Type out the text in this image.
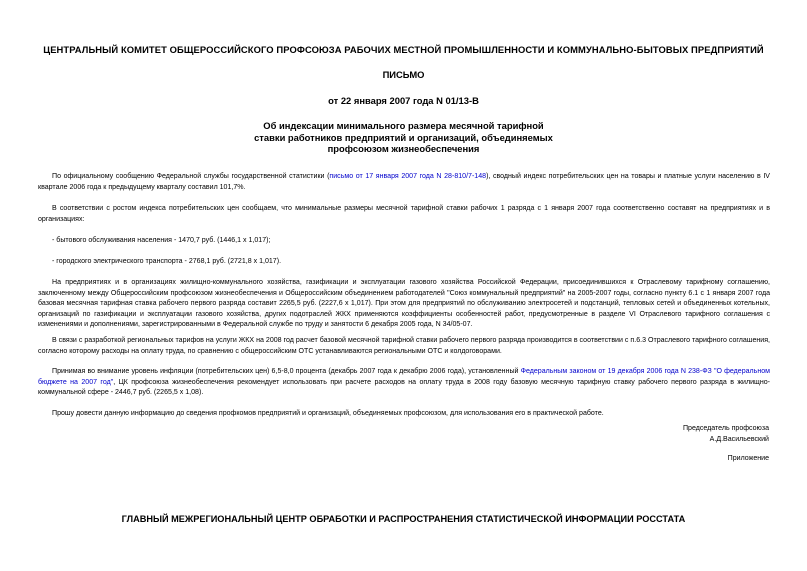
ЦЕНТРАЛЬНЫЙ КОМИТЕТ ОБЩЕРОССИЙСКОГО ПРОФСОЮЗА РАБОЧИХ МЕСТНОЙ ПРОМЫШЛЕННОСТИ И КОММУНАЛЬНО-БЫТОВЫХ ПРЕДПРИЯТИЙ
ПИСЬМО
от 22 января 2007 года N 01/13-В
Об индексации минимального размера месячной тарифной
ставки работников предприятий и организаций, объединяемых
профсоюзом жизнеобеспечения

По официальному сообщению Федеральной службы государственной статистики (письмо от 17 января 2007 года N 28-810/7-148), сводный индекс потребительских цен на товары и платные услуги населению в IV квартале 2006 года к предыдущему кварталу составил 101,7%.

В соответствии с ростом индекса потребительских цен сообщаем, что минимальные размеры месячной тарифной ставки рабочих 1 разряда с 1 января 2007 года соответственно составят на предприятиях и в организациях:

- бытового обслуживания населения - 1470,7 руб. (1446,1 х 1,017);

- городского электрического транспорта - 2768,1 руб. (2721,8 х 1,017).

На предприятиях и в организациях жилищно-коммунального хозяйства, газификации и эксплуатации газового хозяйства Российской Федерации, присоединившихся к Отраслевому тарифному соглашению, заключенному между Общероссийским профсоюзом жизнеобеспечения и Общероссийским объединением работодателей "Союз коммунальный предприятий" на 2005-2007 годы, согласно пункту 6.1 с 1 января 2007 года базовая месячная тарифная ставка рабочего первого разряда составит 2265,5 руб. (2227,6 х 1,017). При этом для предприятий по обслуживанию электросетей и подстанций, тепловых сетей и объединенных котельных, организаций по газификации и эксплуатации газового хозяйства, других подотраслей ЖКХ применяются коэффициенты особенностей работ, предусмотренные в разделе VI Отраслевого тарифного соглашения с изменениями и дополнениями, зарегистрированными в Федеральной службе по труду и занятости 6 декабря 2005 года, N 34/05-07.

В связи с разработкой региональных тарифов на услуги ЖКХ на 2008 год расчет базовой месячной тарифной ставки рабочего первого разряда производится в соответствии с п.6.3 Отраслевого тарифного соглашения, согласно которому расходы на оплату труда, по сравнению с общероссийским ОТС устанавливаются региональными ОТС и колдоговорами.

Принимая во внимание уровень инфляции (потребительских цен) 6,5-8,0 процента (декабрь 2007 года к декабрю 2006 года), установленный Федеральным законом от 19 декабря 2006 года N 238-ФЗ "О федеральном бюджете на 2007 год", ЦК профсоюза жизнеобеспечения рекомендует использовать при расчете расходов на оплату труда в 2008 году базовую месячную тарифную ставку рабочего первого разряда в жилищно-коммунальной сфере - 2446,7 руб. (2265,5 х 1,08).

Прошу довести данную информацию до сведения профкомов предприятий и организаций, объединяемых профсоюзом, для использования его в практической работе.

Председатель профсоюза
А.Д.Васильевский
Приложение
ГЛАВНЫЙ МЕЖРЕГИОНАЛЬНЫЙ ЦЕНТР ОБРАБОТКИ И РАСПРОСТРАНЕНИЯ СТАТИСТИЧЕСКОЙ ИНФОРМАЦИИ РОССТАТА
